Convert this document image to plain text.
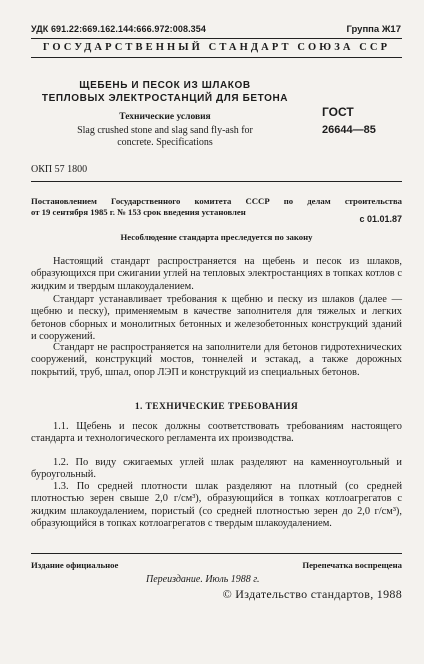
УДК 691.22:669.162.144:666.972:008.354	Группа Ж17
ГОСУДАРСТВЕННЫЙ СТАНДАРТ СОЮЗА ССР
ЩЕБЕНЬ И ПЕСОК ИЗ ШЛАКОВ
ТЕПЛОВЫХ ЭЛЕКТРОСТАНЦИЙ ДЛЯ БЕТОНА
Технические условия
Slag crushed stone and slag sand fly-ash for
concrete. Specifications
ГОСТ
26644—85
ОКП 57 1800
Постановлением Государственного комитета СССР по делам строительства
от 19 сентября 1985 г. № 153 срок введения установлен
с 01.01.87
Несоблюдение стандарта преследуется по закону
Настоящий стандарт распространяется на щебень и песок из шлаков, образующихся при сжигании углей на тепловых электростанциях в топках котлов с жидким и твердым шлакоудалением.
Стандарт устанавливает требования к щебню и песку из шлаков (далее — щебню и песку), применяемым в качестве заполнителя для тяжелых и легких бетонов сборных и монолитных бетонных и железобетонных конструкций зданий и сооружений.
Стандарт не распространяется на заполнители для бетонов гидротехнических сооружений, конструкций мостов, тоннелей и эстакад, а также дорожных покрытий, труб, шпал, опор ЛЭП и конструкций из специальных бетонов.
1. ТЕХНИЧЕСКИЕ ТРЕБОВАНИЯ
1.1. Щебень и песок должны соответствовать требованиям настоящего стандарта и технологического регламента их производства.
1.2. По виду сжигаемых углей шлак разделяют на каменноугольный и буроугольный.
1.3. По средней плотности шлак разделяют на плотный (со средней плотностью зерен свыше 2,0 г/см³), образующийся в топках котлоагрегатов с жидким шлакоудалением, пористый (со средней плотностью зерен до 2,0 г/см³), образующийся в топках котлоагрегатов с твердым шлакоудалением.
Издание официальное	Перепечатка воспрещена
Переиздание. Июль 1988 г.
© Издательство стандартов, 1988
